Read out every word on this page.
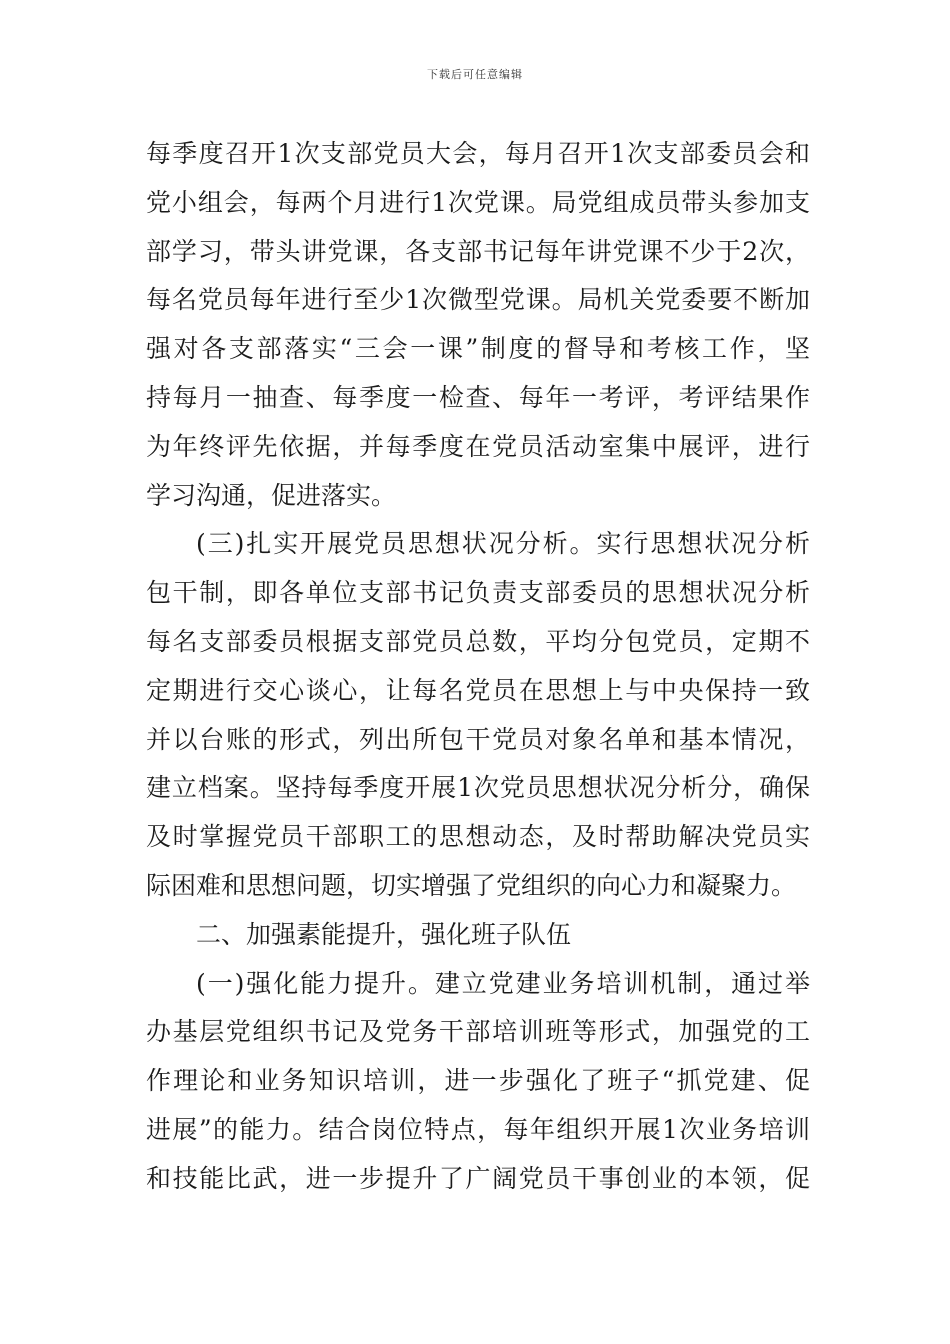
下载后可任意编辑
每季度召开1次支部党员大会，每月召开1次支部委员会和
党小组会，每两个月进行1次党课。局党组成员带头参加支
部学习，带头讲党课，各支部书记每年讲党课不少于2次，
每名党员每年进行至少1次微型党课。局机关党委要不断加
强对各支部落实“三会一课”制度的督导和考核工作，坚
持每月一抽查、每季度一检查、每年一考评，考评结果作
为年终评先依据，并每季度在党员活动室集中展评，进行
学习沟通，促进落实。
(三)扎实开展党员思想状况分析。实行思想状况分析
包干制，即各单位支部书记负责支部委员的思想状况分析
每名支部委员根据支部党员总数，平均分包党员，定期不
定期进行交心谈心，让每名党员在思想上与中央保持一致
并以台账的形式，列出所包干党员对象名单和基本情况，
建立档案。坚持每季度开展1次党员思想状况分析分，确保
及时掌握党员干部职工的思想动态，及时帮助解决党员实
际困难和思想问题，切实增强了党组织的向心力和凝聚力。
二、加强素能提升，强化班子队伍
(一)强化能力提升。建立党建业务培训机制，通过举
办基层党组织书记及党务干部培训班等形式，加强党的工
作理论和业务知识培训，进一步强化了班子“抓党建、促
进展”的能力。结合岗位特点，每年组织开展1次业务培训
和技能比武，进一步提升了广阔党员干事创业的本领，促
